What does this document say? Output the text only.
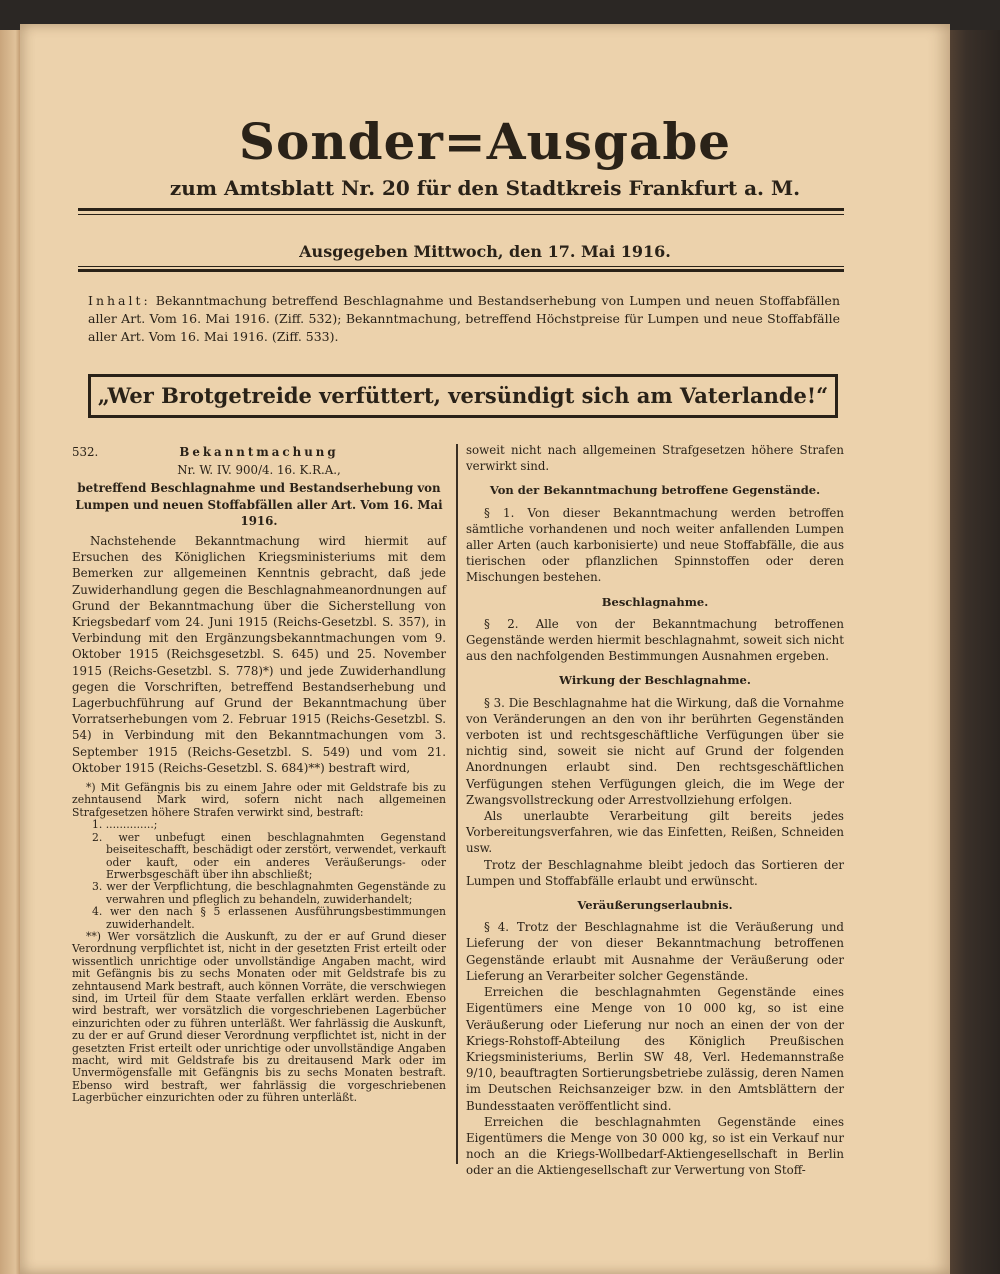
Sonder=Ausgabe
zum Amtsblatt Nr. 20 für den Stadtkreis Frankfurt a. M.
Ausgegeben Mittwoch, den 17. Mai 1916.
Inhalt: Bekanntmachung betreffend Beschlagnahme und Bestandserhebung von Lumpen und neuen Stoffabfällen aller Art. Vom 16. Mai 1916. (Ziff. 532); Bekanntmachung, betreffend Höchstpreise für Lumpen und neue Stoffabfälle aller Art. Vom 16. Mai 1916. (Ziff. 533).
„Wer Brotgetreide verfüttert, versündigt sich am Vaterlande!“
532.	Bekanntmachung
Nr. W. IV. 900/4. 16. K.R.A.,
betreffend Beschlagnahme und Bestandserhebung von Lumpen und neuen Stoffabfällen aller Art. Vom 16. Mai 1916.

Nachstehende Bekanntmachung wird hiermit auf Ersuchen des Königlichen Kriegsministeriums mit dem Bemerken zur allgemeinen Kenntnis gebracht, daß jede Zuwiderhandlung gegen die Beschlagnahmeanordnungen auf Grund der Bekanntmachung über die Sicherstellung von Kriegsbedarf vom 24. Juni 1915 (Reichs-Gesetzbl. S. 357), in Verbindung mit den Ergänzungsbekanntmachungen vom 9. Oktober 1915 (Reichsgesetzbl. S. 645) und 25. November 1915 (Reichs-Gesetzbl. S. 778)*) und jede Zuwiderhandlung gegen die Vorschriften, betreffend Bestandserhebung und Lagerbuchführung auf Grund der Bekanntmachung über Vorratserhebungen vom 2. Februar 1915 (Reichs-Gesetzbl. S. 54) in Verbindung mit den Bekanntmachungen vom 3. September 1915 (Reichs-Gesetzbl. S. 549) und vom 21. Oktober 1915 (Reichs-Gesetzbl. S. 684)**) bestraft wird,

*) Mit Gefängnis bis zu einem Jahre oder mit Geldstrafe bis zu zehntausend Mark wird, sofern nicht nach allgemeinen Strafgesetzen höhere Strafen verwirkt sind, bestraft:

1. ..............;

2. wer unbefugt einen beschlagnahmten Gegenstand beiseiteschafft, beschädigt oder zerstört, verwendet, verkauft oder kauft, oder ein anderes Veräußerungs- oder Erwerbsgeschäft über ihn abschließt;

3. wer der Verpflichtung, die beschlagnahmten Gegenstände zu verwahren und pfleglich zu behandeln, zuwiderhandelt;

4. wer den nach § 5 erlassenen Ausführungsbestimmungen zuwiderhandelt.

**) Wer vorsätzlich die Auskunft, zu der er auf Grund dieser Verordnung verpflichtet ist, nicht in der gesetzten Frist erteilt oder wissentlich unrichtige oder unvollständige Angaben macht, wird mit Gefängnis bis zu sechs Monaten oder mit Geldstrafe bis zu zehntausend Mark bestraft, auch können Vorräte, die verschwiegen sind, im Urteil für dem Staate verfallen erklärt werden. Ebenso wird bestraft, wer vorsätzlich die vorgeschriebenen Lagerbücher einzurichten oder zu führen unterläßt. Wer fahrlässig die Auskunft, zu der er auf Grund dieser Verordnung verpflichtet ist, nicht in der gesetzten Frist erteilt oder unrichtige oder unvollständige Angaben macht, wird mit Geldstrafe bis zu dreitausend Mark oder im Unvermögensfalle mit Gefängnis bis zu sechs Monaten bestraft. Ebenso wird bestraft, wer fahrlässig die vorgeschriebenen Lagerbücher einzurichten oder zu führen unterläßt.

soweit nicht nach allgemeinen Strafgesetzen höhere Strafen verwirkt sind.

Von der Bekanntmachung betroffene Gegenstände.

§ 1. Von dieser Bekanntmachung werden betroffen sämtliche vorhandenen und noch weiter anfallenden Lumpen aller Arten (auch karbonisierte) und neue Stoffabfälle, die aus tierischen oder pflanzlichen Spinnstoffen oder deren Mischungen bestehen.

Beschlagnahme.

§ 2. Alle von der Bekanntmachung betroffenen Gegenstände werden hiermit beschlagnahmt, soweit sich nicht aus den nachfolgenden Bestimmungen Ausnahmen ergeben.

Wirkung der Beschlagnahme.

§ 3. Die Beschlagnahme hat die Wirkung, daß die Vornahme von Veränderungen an den von ihr berührten Gegenständen verboten ist und rechtsgeschäftliche Verfügungen über sie nichtig sind, soweit sie nicht auf Grund der folgenden Anordnungen erlaubt sind. Den rechtsgeschäftlichen Verfügungen stehen Verfügungen gleich, die im Wege der Zwangsvollstreckung oder Arrestvollziehung erfolgen.

Als unerlaubte Verarbeitung gilt bereits jedes Vorbereitungsverfahren, wie das Einfetten, Reißen, Schneiden usw.

Trotz der Beschlagnahme bleibt jedoch das Sortieren der Lumpen und Stoffabfälle erlaubt und erwünscht.

Veräußerungserlaubnis.

§ 4. Trotz der Beschlagnahme ist die Veräußerung und Lieferung der von dieser Bekanntmachung betroffenen Gegenstände erlaubt mit Ausnahme der Veräußerung oder Lieferung an Verarbeiter solcher Gegenstände.

Erreichen die beschlagnahmten Gegenstände eines Eigentümers eine Menge von 10 000 kg, so ist eine Veräußerung oder Lieferung nur noch an einen der von der Kriegs-Rohstoff-Abteilung des Königlich Preußischen Kriegsministeriums, Berlin SW 48, Verl. Hedemannstraße 9/10, beauftragten Sortierungsbetriebe zulässig, deren Namen im Deutschen Reichsanzeiger bzw. in den Amtsblättern der Bundesstaaten veröffentlicht sind.

Erreichen die beschlagnahmten Gegenstände eines Eigentümers die Menge von 30 000 kg, so ist ein Verkauf nur noch an die Kriegs-Wollbedarf-Aktiengesellschaft in Berlin oder an die Aktiengesellschaft zur Verwertung von Stoff-
